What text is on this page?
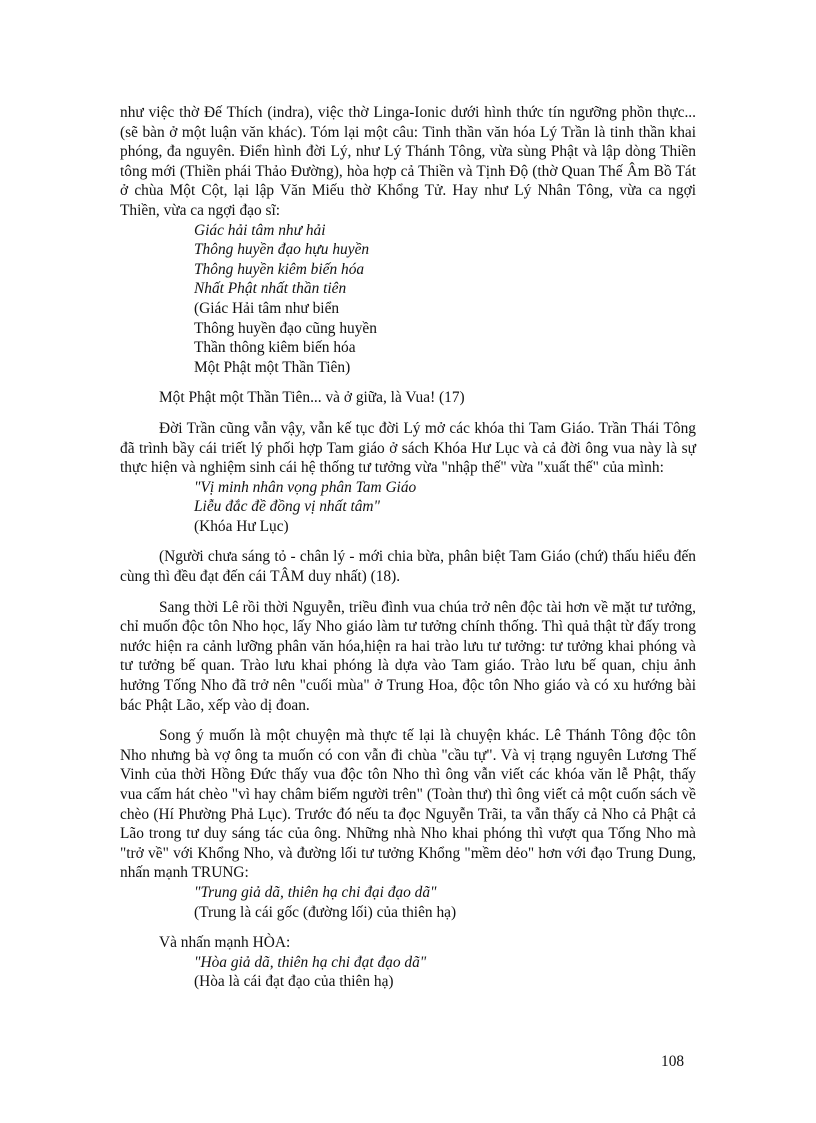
như việc thờ Đế Thích (indra), việc thờ Linga-Ionic dưới hình thức tín ngưỡng phồn thực... (sẽ bàn ở một luận văn khác). Tóm lại một câu: Tinh thần văn hóa Lý Trần là tinh thần khai phóng, đa nguyên. Điển hình đời Lý, như Lý Thánh Tông, vừa sùng Phật và lập dòng Thiền tông mới (Thiền phái Thảo Đường), hòa hợp cả Thiền và Tịnh Độ (thờ Quan Thế Âm Bồ Tát ở chùa Một Cột, lại lập Văn Miếu thờ Khổng Tử. Hay như Lý Nhân Tông, vừa ca ngợi Thiền, vừa ca ngợi đạo sĩ:

Giác hải tâm như hải
Thông huyền đạo hựu huyền
Thông huyền kiêm biến hóa
Nhất Phật nhất thần tiên
(Giác Hải tâm như biển
Thông huyền đạo cũng huyền
Thần thông kiêm biến hóa
Một Phật một Thần Tiên)

Một Phật một Thần Tiên... và ở giữa, là Vua! (17)

Đời Trần cũng vẫn vậy, vẫn kế tục đời Lý mở các khóa thi Tam Giáo. Trần Thái Tông đã trình bầy cái triết lý phối hợp Tam giáo ở sách Khóa Hư Lục và cả đời ông vua này là sự thực hiện và nghiệm sinh cái hệ thống tư tưởng vừa "nhập thế" vừa "xuất thế" của mình:

"Vị minh nhân vọng phân Tam Giáo
Liễu đắc đề đồng vị nhất tâm"
(Khóa Hư Lục)

(Người chưa sáng tỏ - chân lý - mới chia bừa, phân biệt Tam Giáo (chứ) thấu hiểu đến cùng thì đều đạt đến cái TÂM duy nhất) (18).

Sang thời Lê rồi thời Nguyễn, triều đình vua chúa trở nên độc tài hơn về mặt tư tưởng, chỉ muốn độc tôn Nho học, lấy Nho giáo làm tư tưởng chính thống. Thì quả thật từ đấy trong nước hiện ra cảnh lưỡng phân văn hóa,hiện ra hai trào lưu tư tưởng: tư tưởng khai phóng và tư tưởng bế quan. Trào lưu khai phóng là dựa vào Tam giáo. Trào lưu bế quan, chịu ảnh hưởng Tống Nho đã trở nên "cuối mùa" ở Trung Hoa, độc tôn Nho giáo và có xu hướng bài bác Phật Lão, xếp vào dị đoan.

Song ý muốn là một chuyện mà thực tế lại là chuyện khác. Lê Thánh Tông độc tôn Nho nhưng bà vợ ông ta muốn có con vẫn đi chùa "cầu tự". Và vị trạng nguyên Lương Thế Vinh của thời Hồng Đức thấy vua độc tôn Nho thì ông vẫn viết các khóa văn lễ Phật, thấy vua cấm hát chèo "vì hay châm biếm người trên" (Toàn thư) thì ông viết cả một cuốn sách về chèo (Hí Phường Phả Lục). Trước đó nếu ta đọc Nguyễn Trãi, ta vẫn thấy cả Nho cả Phật cả Lão trong tư duy sáng tác của ông. Những nhà Nho khai phóng thì vượt qua Tống Nho mà "trở về" với Khổng Nho, và đường lối tư tưởng Khổng "mềm dẻo" hơn với đạo Trung Dung, nhấn mạnh TRUNG:

"Trung giả dã, thiên hạ chi đại đạo dã"
(Trung là cái gốc (đường lối) của thiên hạ)

Và nhấn mạnh HÒA:

"Hòa giả dã, thiên hạ chi đạt đạo dã"
(Hòa là cái đạt đạo của thiên hạ)
108
